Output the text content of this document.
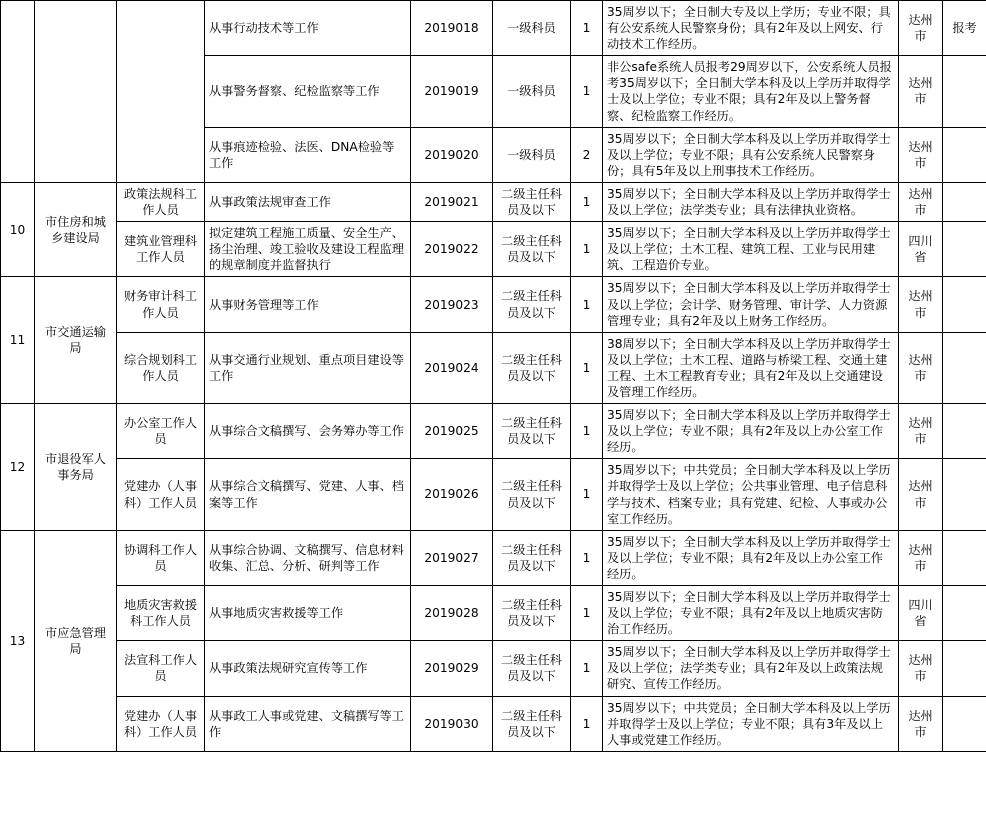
			从事行动技术等工作	2019018	一级科员	1	35周岁以下；全日制大专及以上学历；专业不限；具有公安系统人民警察身份；具有2年及以上网安、行动技术工作经历。	达州市	报考
			从事警务督察、纪检监察等工作	2019019	一级科员	1	非公safe系统人员报考29周岁以下，公安系统人员报考35周岁以下；全日制大学本科及以上学历并取得学士及以上学位；专业不限；具有2年及以上警务督察、纪检监察工作经历。	达州市	
			从事痕迹检验、法医、DNA检验等工作	2019020	一级科员	2	35周岁以下；全日制大学本科及以上学历并取得学士及以上学位；专业不限；具有公安系统人民警察身份；具有5年及以上刑事技术工作经历。	达州市	
10	市住房和城乡建设局	政策法规科工作人员	从事政策法规审查工作	2019021	二级主任科员及以下	1	35周岁以下；全日制大学本科及以上学历并取得学士及以上学位；法学类专业；具有法律执业资格。	达州市	
		建筑业管理科工作人员	拟定建筑工程施工质量、安全生产、扬尘治理、竣工验收及建设工程监理的规章制度并监督执行	2019022	二级主任科员及以下	1	35周岁以下；全日制大学本科及以上学历并取得学士及以上学位；土木工程、建筑工程、工业与民用建筑、工程造价专业。	四川省	
11	市交通运输局	财务审计科工作人员	从事财务管理等工作	2019023	二级主任科员及以下	1	35周岁以下；全日制大学本科及以上学历并取得学士及以上学位；会计学、财务管理、审计学、人力资源管理专业；具有2年及以上财务工作经历。	达州市	
		综合规划科工作人员	从事交通行业规划、重点项目建设等工作	2019024	二级主任科员及以下	1	38周岁以下；全日制大学本科及以上学历并取得学士及以上学位；土木工程、道路与桥梁工程、交通土建工程、土木工程教育专业；具有2年及以上交通建设及管理工作经历。	达州市	
12	市退役军人事务局	办公室工作人员	从事综合文稿撰写、会务筹办等工作	2019025	二级主任科员及以下	1	35周岁以下；全日制大学本科及以上学历并取得学士及以上学位；专业不限；具有2年及以上办公室工作经历。	达州市	
		党建办（人事科）工作人员	从事综合文稿撰写、党建、人事、档案等工作	2019026	二级主任科员及以下	1	35周岁以下；中共党员；全日制大学本科及以上学历并取得学士及以上学位；公共事业管理、电子信息科学与技术、档案专业；具有党建、纪检、人事或办公室工作经历。	达州市	
13	市应急管理局	协调科工作人员	从事综合协调、文稿撰写、信息材料收集、汇总、分析、研判等工作	2019027	二级主任科员及以下	1	35周岁以下；全日制大学本科及以上学历并取得学士及以上学位；专业不限；具有2年及以上办公室工作经历。	达州市	
		地质灾害救援科工作人员	从事地质灾害救援等工作	2019028	二级主任科员及以下	1	35周岁以下；全日制大学本科及以上学历并取得学士及以上学位；专业不限；具有2年及以上地质灾害防治工作经历。	四川省	
		法宣科工作人员	从事政策法规研究宣传等工作	2019029	二级主任科员及以下	1	35周岁以下；全日制大学本科及以上学历并取得学士及以上学位；法学类专业；具有2年及以上政策法规研究、宣传工作经历。	达州市	
		党建办（人事科）工作人员	从事政工人事或党建、文稿撰写等工作	2019030	二级主任科员及以下	1	35周岁以下；中共党员；全日制大学本科及以上学历并取得学士及以上学位；专业不限；具有3年及以上人事或党建工作经历。	达州市	
